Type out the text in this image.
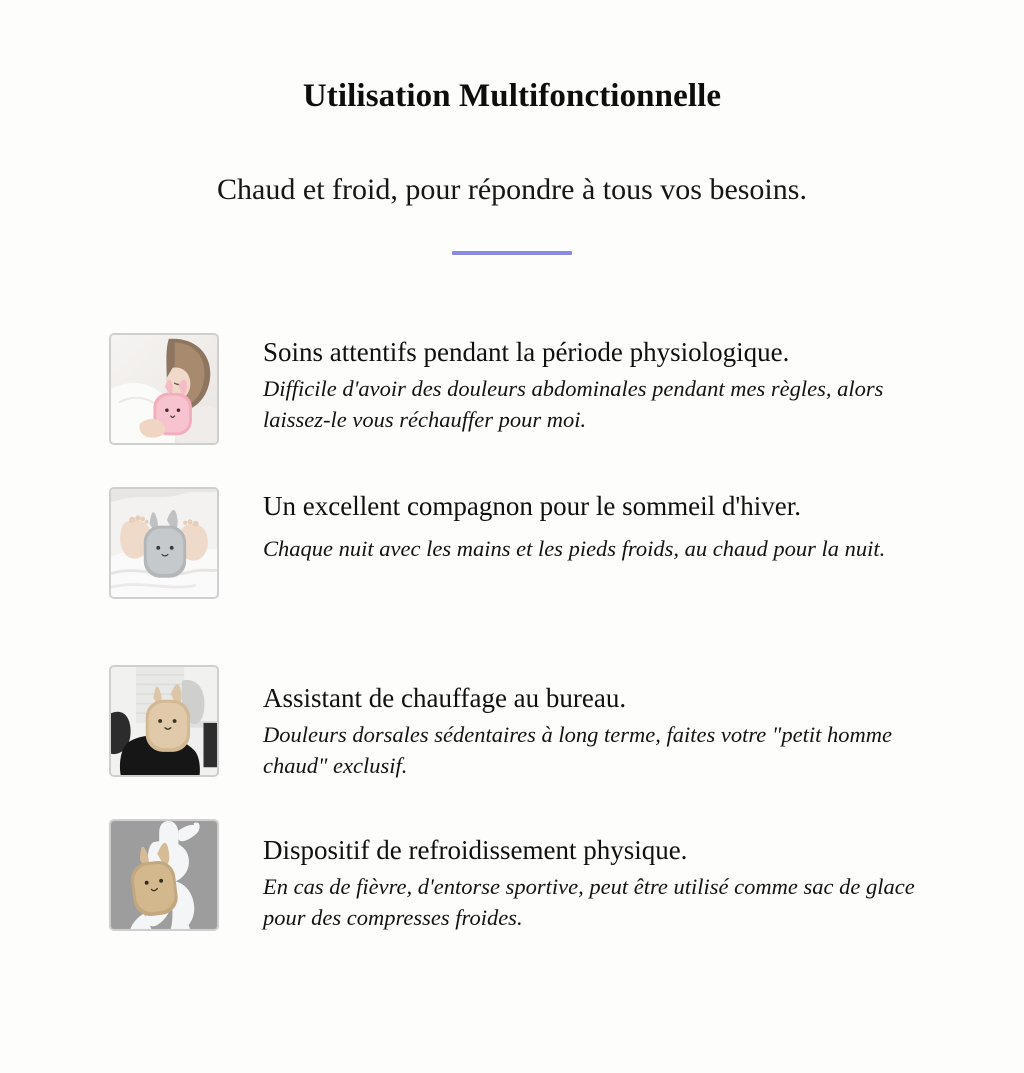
Utilisation Multifonctionnelle

Chaud et froid, pour répondre à tous vos besoins.

Soins attentifs pendant la période physiologique.

Difficile d'avoir des douleurs abdominales pendant mes règles, alors laissez-le vous réchauffer pour moi.

Un excellent compagnon pour le sommeil d'hiver.

Chaque nuit avec les mains et les pieds froids, au chaud pour la nuit.

Assistant de chauffage au bureau.

Douleurs dorsales sédentaires à long terme, faites votre "petit homme chaud" exclusif.

Dispositif de refroidissement physique.

En cas de fièvre, d'entorse sportive, peut être utilisé comme sac de glace pour des compresses froides.
